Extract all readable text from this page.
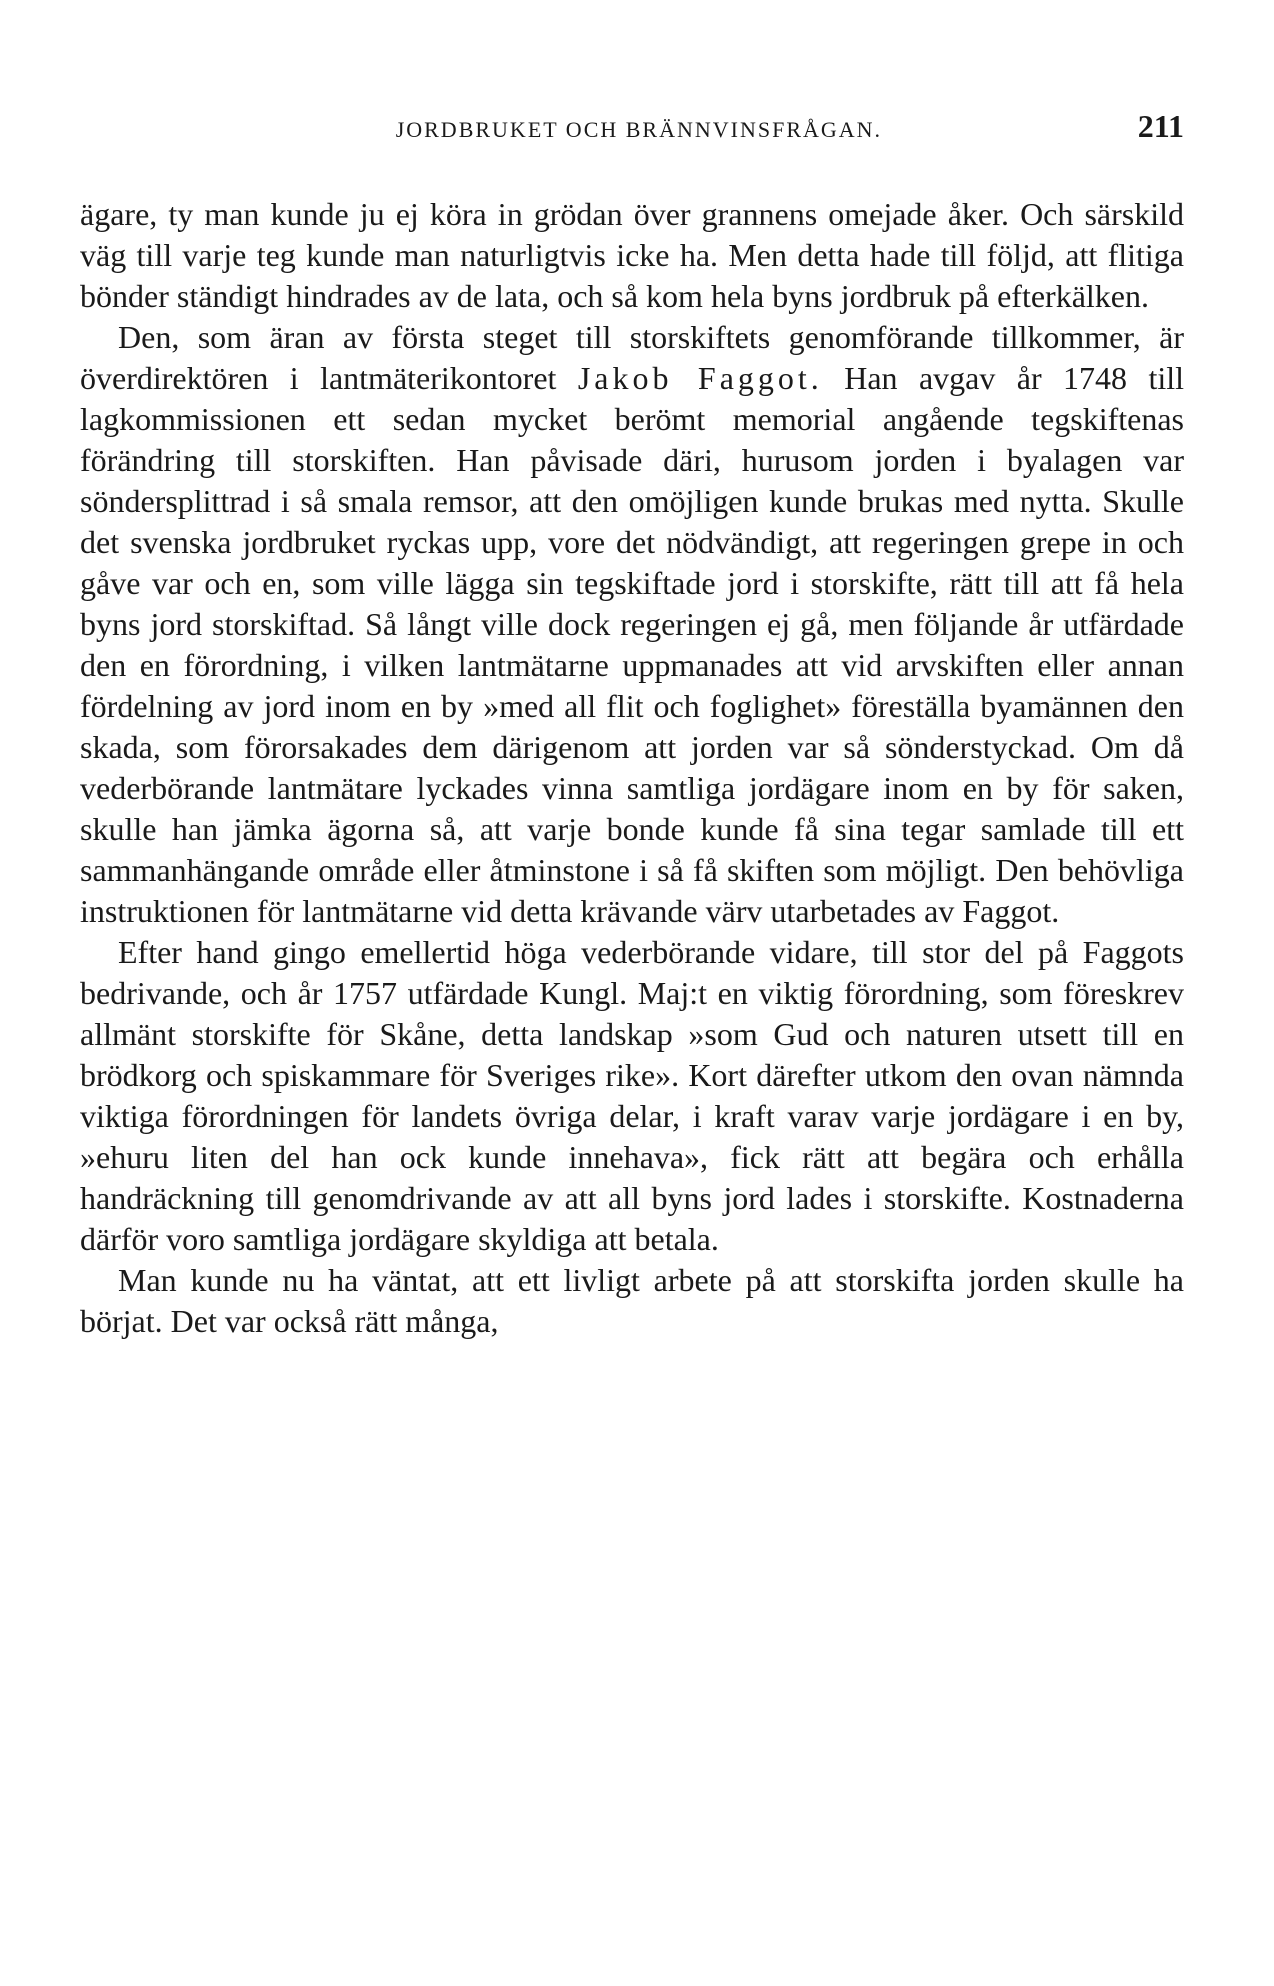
JORDBRUKET OCH BRÄNNVINSFRÅGAN.	211

ägare, ty man kunde ju ej köra in grödan över grannens omejade åker. Och särskild väg till varje teg kunde man naturligtvis icke ha. Men detta hade till följd, att flitiga bönder ständigt hindrades av de lata, och så kom hela byns jordbruk på efterkälken.

Den, som äran av första steget till storskiftets genomförande tillkommer, är överdirektören i lantmäterikontoret Jakob Faggot. Han avgav år 1748 till lagkommissionen ett sedan mycket berömt memorial angående tegskiftenas förändring till storskiften. Han påvisade däri, hurusom jorden i byalagen var söndersplittrad i så smala remsor, att den omöjligen kunde brukas med nytta. Skulle det svenska jordbruket ryckas upp, vore det nödvändigt, att regeringen grepe in och gåve var och en, som ville lägga sin tegskiftade jord i storskifte, rätt till att få hela byns jord storskiftad. Så långt ville dock regeringen ej gå, men följande år utfärdade den en förordning, i vilken lantmätarne uppmanades att vid arvskiften eller annan fördelning av jord inom en by »med all flit och foglighet» föreställa byamännen den skada, som förorsakades dem därigenom att jorden var så sönderstyckad. Om då vederbörande lantmätare lyckades vinna samtliga jordägare inom en by för saken, skulle han jämka ägorna så, att varje bonde kunde få sina tegar samlade till ett sammanhängande område eller åtminstone i så få skiften som möjligt. Den behövliga instruktionen för lantmätarne vid detta krävande värv utarbetades av Faggot.

Efter hand gingo emellertid höga vederbörande vidare, till stor del på Faggots bedrivande, och år 1757 utfärdade Kungl. Maj:t en viktig förordning, som föreskrev allmänt storskifte för Skåne, detta landskap »som Gud och naturen utsett till en brödkorg och spiskammare för Sveriges rike». Kort därefter utkom den ovan nämnda viktiga förordningen för landets övriga delar, i kraft varav varje jordägare i en by, »ehuru liten del han ock kunde innehava», fick rätt att begära och erhålla handräckning till genomdrivande av att all byns jord lades i storskifte. Kostnaderna därför voro samtliga jordägare skyldiga att betala.

Man kunde nu ha väntat, att ett livligt arbete på att storskifta jorden skulle ha börjat. Det var också rätt många,
